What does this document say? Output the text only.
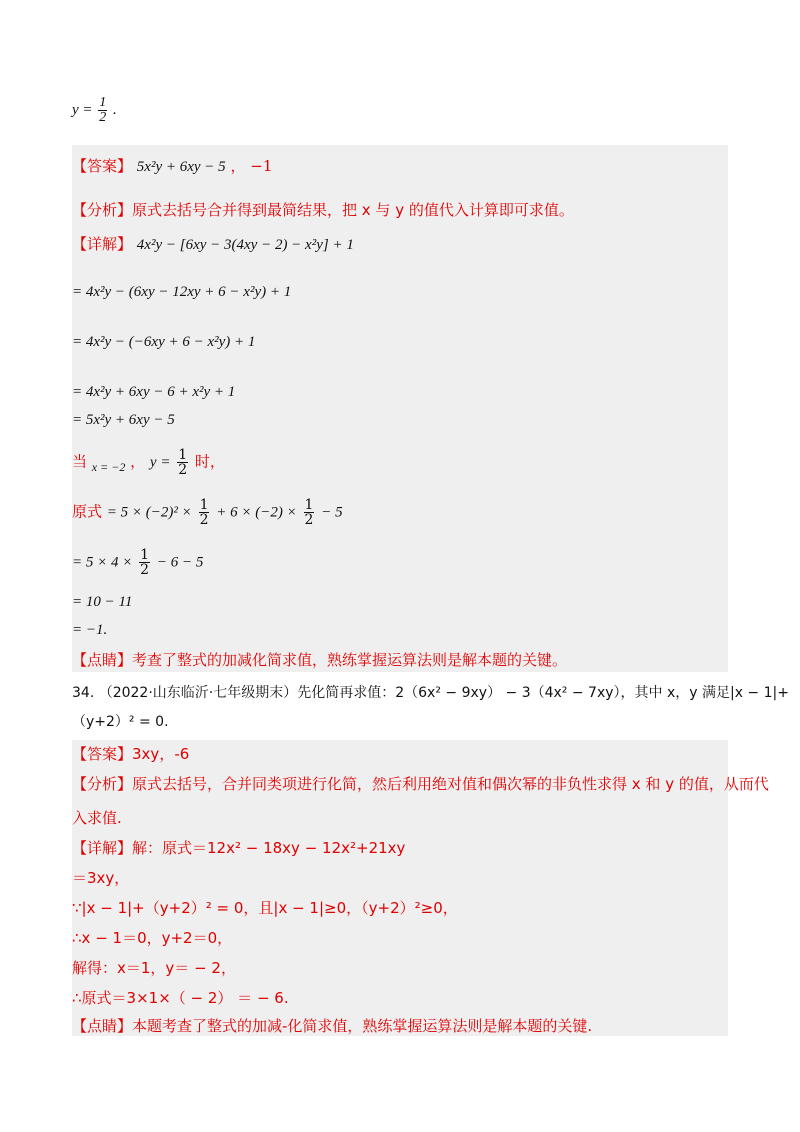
$y = \frac{1}{2}$ .
【答案】 5x²y + 6xy − 5 ， −1
【分析】原式去括号合并得到最简结果，把 x 与 y 的值代入计算即可求值。
【详解】 4x²y − [6xy − 3(4xy − 2) − x²y] + 1
= 4x²y − (6xy − 12xy + 6 − x²y) + 1
= 4x²y − (−6xy + 6 − x²y) + 1
= 4x²y + 6xy − 6 + x²y + 1
= 5x²y + 6xy − 5
当 $_{x = -2}$ ， $y = \frac{1}{2}$ 时，
原式 = $5 \times (-2)^2 \times \frac{1}{2} + 6 \times (-2) \times \frac{1}{2} - 5$
= $5 \times 4 \times \frac{1}{2} - 6 - 5$
= 10 − 11
= −1.
【点睛】考查了整式的加减化简求值，熟练掌握运算法则是解本题的关键。
34. （2022·山东临沂·七年级期末）先化简再求值：2（6x² − 9xy） − 3（4x² − 7xy），其中 x，y 满足|x − 1|+
（y+2）² = 0.
【答案】3xy，-6
【分析】原式去括号，合并同类项进行化简，然后利用绝对值和偶次幂的非负性求得 x 和 y 的值，从而代
入求值.
【详解】解：原式＝12x² − 18xy − 12x²+21xy
＝3xy，
∵|x − 1|+（y+2）² = 0，且|x − 1|≥0，（y+2）²≥0，
∴x − 1＝0，y+2＝0，
解得：x＝1，y＝ − 2，
∴原式＝3×1×（ − 2） ＝ − 6.
【点睛】本题考查了整式的加减-化简求值，熟练掌握运算法则是解本题的关键.
